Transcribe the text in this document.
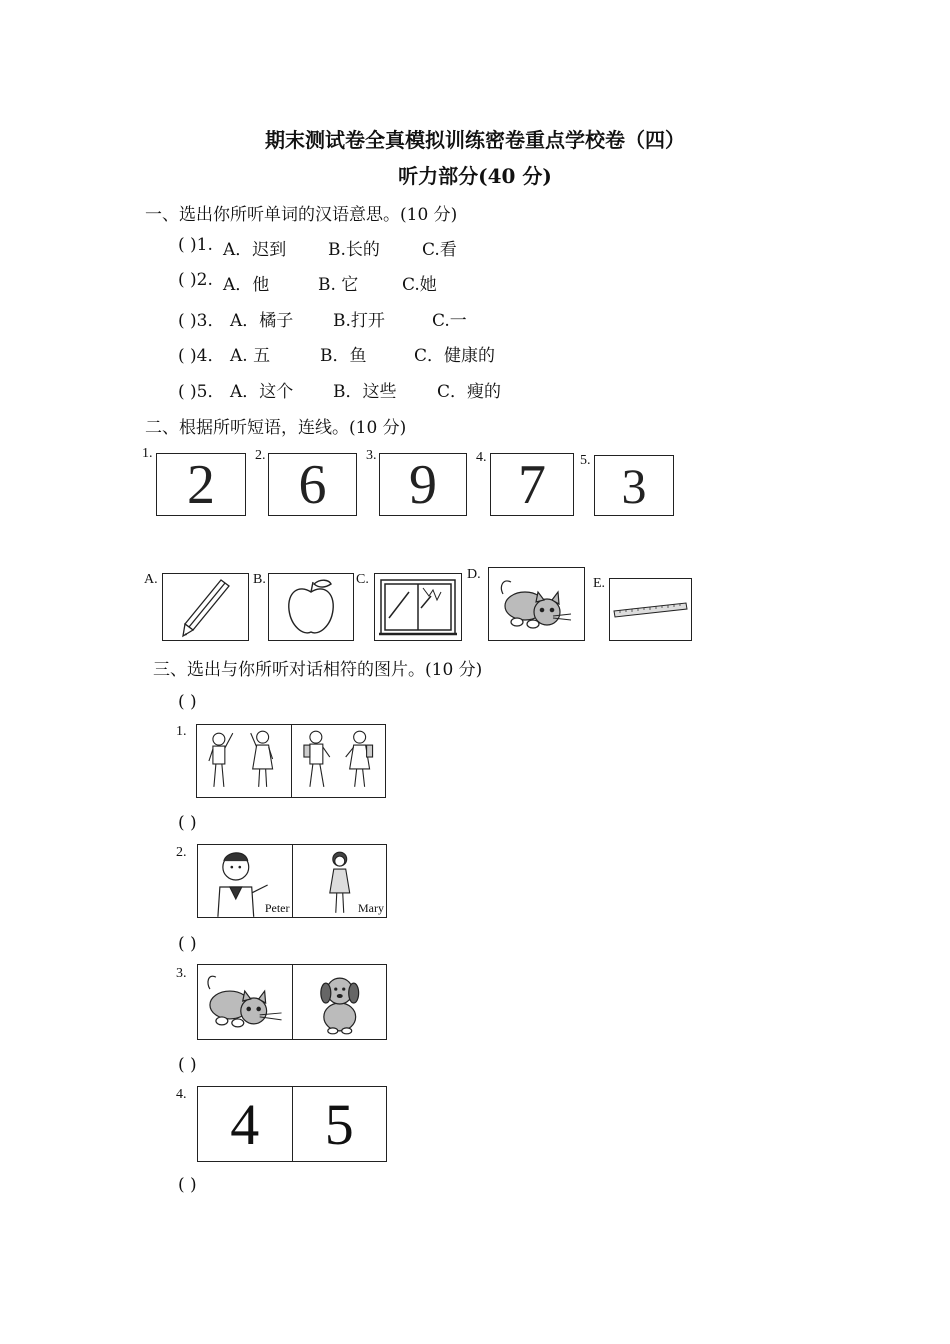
期末测试卷全真模拟训练密卷重点学校卷（四）
听力部分(40 分)
一、选出你所听单词的汉语意思。(10 分)
( )1. A．迟到 B.长的 C.看
( )2. A．他	B. 它	C.她
( )3． A．橘子 B.打开	C.一
( )4． A. 五	B．鱼	C．健康的
( )5． A．这个 B．这些 C．瘦的
二、根据所听短语，连线。(10 分)
1. 2	2. 6	3. 9	4. 7	5. 3
A.	B.	C.	D.
E.
三、选出与你所听对话相符的图片。(10 分)
( )
1.
( )
2.
Peter	Mary
( )
3.
( )
4. 4	5
( )
